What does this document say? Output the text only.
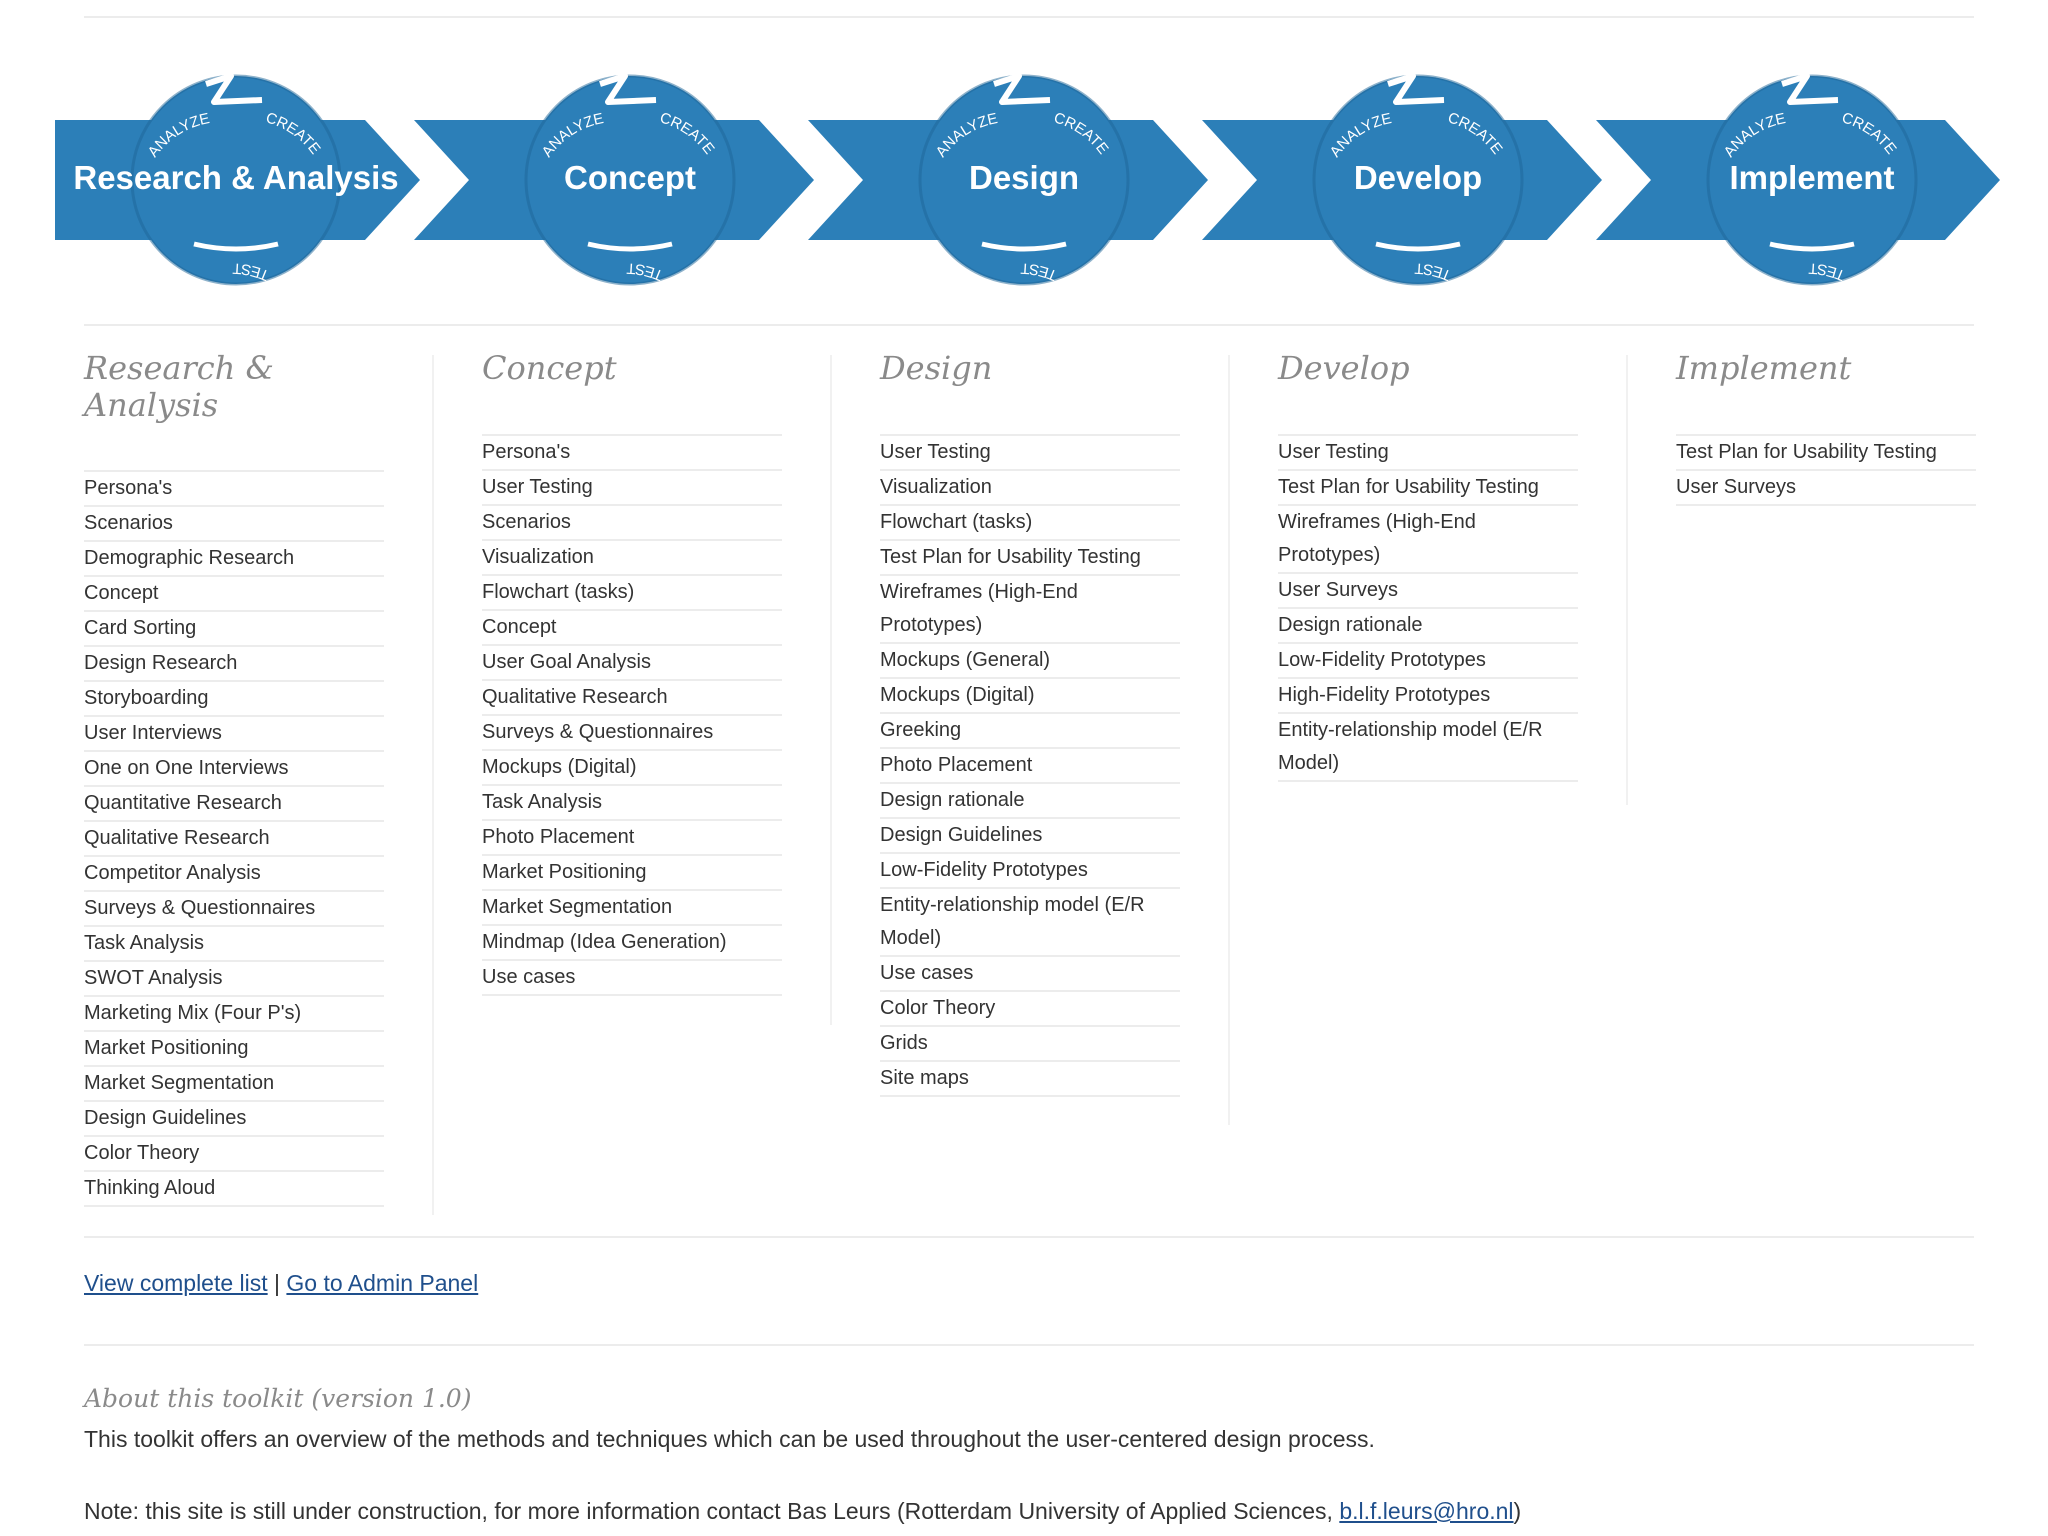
ANALYZE	CREATE
TEST
ANALYZE	CREATE
TEST
ANALYZE	CREATE
TEST
ANALYZE	CREATE
TEST
ANALYZE	CREATE
TEST
Research & Analysis	Concept	Design	Develop	Implement
Research & Analysis
Persona's
Scenarios
Demographic Research
Concept
Card Sorting
Design Research
Storyboarding
User Interviews
One on One Interviews
Quantitative Research
Qualitative Research
Competitor Analysis
Surveys & Questionnaires
Task Analysis
SWOT Analysis
Marketing Mix (Four P's)
Market Positioning
Market Segmentation
Design Guidelines
Color Theory
Thinking Aloud
Concept
Persona's
User Testing
Scenarios
Visualization
Flowchart (tasks)
Concept
User Goal Analysis
Qualitative Research
Surveys & Questionnaires
Mockups (Digital)
Task Analysis
Photo Placement
Market Positioning
Market Segmentation
Mindmap (Idea Generation)
Use cases
Design
User Testing
Visualization
Flowchart (tasks)
Test Plan for Usability Testing
Wireframes (High-End Prototypes)
Mockups (General)
Mockups (Digital)
Greeking
Photo Placement
Design rationale
Design Guidelines
Low-Fidelity Prototypes
Entity-relationship model (E/R Model)
Use cases
Color Theory
Grids
Site maps
Develop
User Testing
Test Plan for Usability Testing
Wireframes (High-End Prototypes)
User Surveys
Design rationale
Low-Fidelity Prototypes
High-Fidelity Prototypes
Entity-relationship model (E/R Model)
Implement
Test Plan for Usability Testing
User Surveys
View complete list | Go to Admin Panel
About this toolkit (version 1.0)

This toolkit offers an overview of the methods and techniques which can be used throughout the user-centered design process.

Note: this site is still under construction, for more information contact Bas Leurs (Rotterdam University of Applied Sciences, b.l.f.leurs@hro.nl)
